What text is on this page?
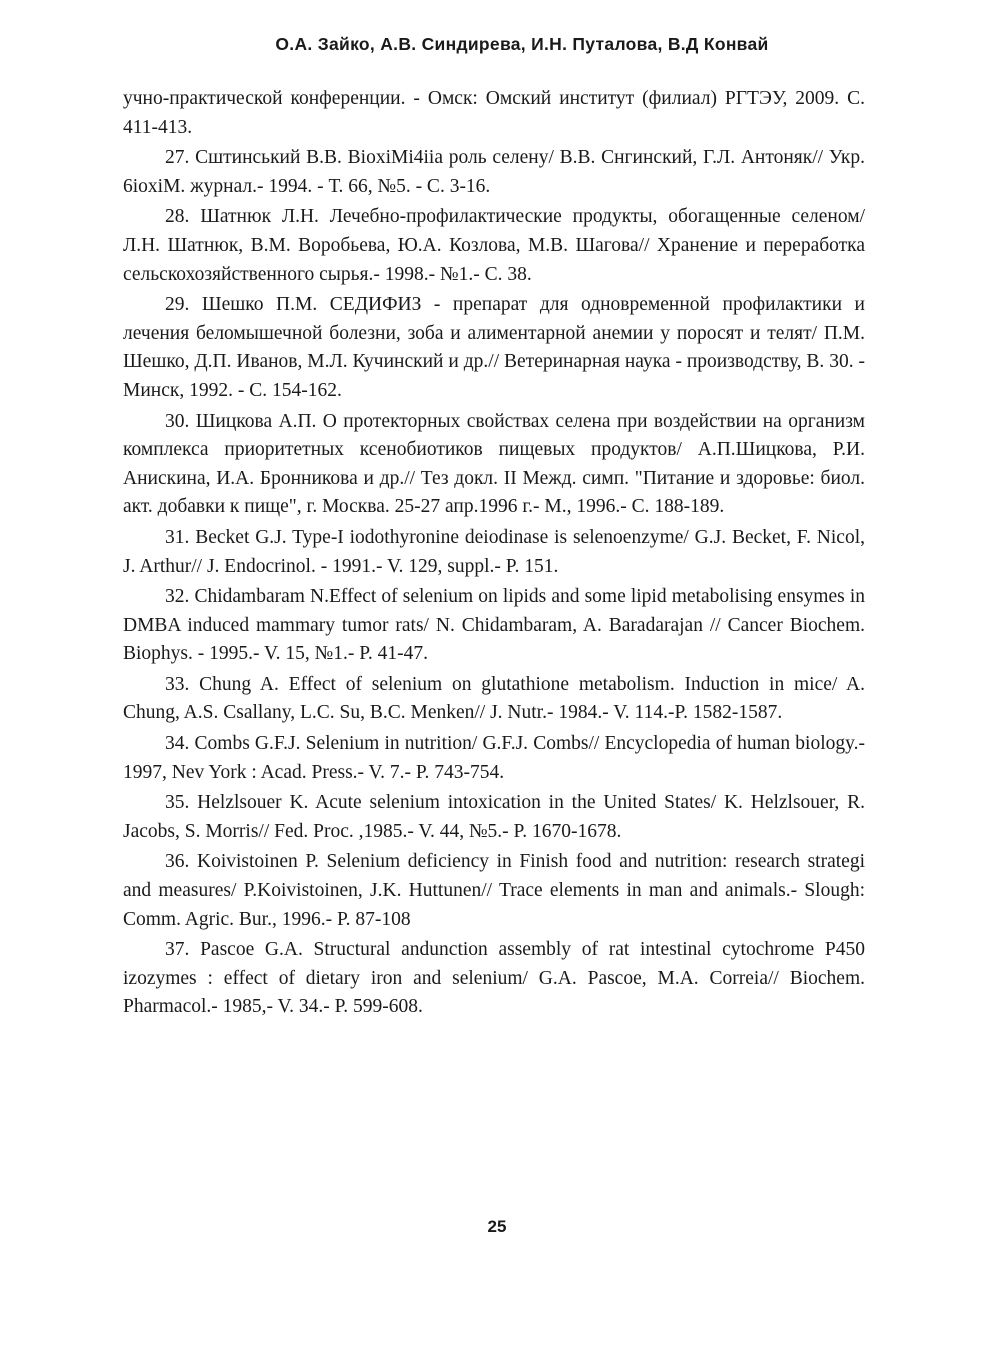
О.А. Зайко, А.В. Синдирева, И.Н. Путалова, В.Д Конвай

учно-практической конференции. - Омск: Омский институт (филиал) РГТЭУ, 2009. С. 411-413.

27. Сштинський В.В. BioxiMi4iia роль селену/ В.В. Снгинский, Г.Л. Антоняк// Укр. 6ioxiM. журнал.- 1994. - Т. 66, №5. - С. 3-16.

28. Шатнюк Л.Н. Лечебно-профилактические продукты, обогащенные селеном/ Л.Н. Шатнюк, В.М. Воробьева, Ю.А. Козлова, М.В. Шагова// Хранение и переработка сельскохозяйственного сырья.- 1998.- №1.- С. 38.

29. Шешко П.М. СЕДИФИЗ - препарат для одновременной профилактики и лечения беломышечной болезни, зоба и алиментарной анемии у поросят и телят/ П.М. Шешко, Д.П. Иванов, М.Л. Кучинский и др.// Ветеринарная наука - производству, В. 30. - Минск, 1992. - С. 154-162.

30. Шицкова А.П. О протекторных свойствах селена при воздействии на организм комплекса приоритетных ксенобиотиков пищевых продуктов/ А.П.Шицкова, Р.И. Анискина, И.А. Бронникова и др.// Тез докл. II Межд. симп. "Питание и здоровье: биол. акт. добавки к пище", г. Москва. 25-27 апр.1996 г.- М., 1996.- С. 188-189.

31. Becket G.J. Type-I iodothyronine deiodinase is selenoenzyme/ G.J. Becket, F. Nicol, J. Arthur// J. Endocrinol. - 1991.- V. 129, suppl.- P. 151.

32. Chidambaram N.Effect of selenium on lipids and some lipid metabolising ensymes in DMBA induced mammary tumor rats/ N. Chidambaram, A. Baradarajan // Cancer Biochem. Biophys. - 1995.- V. 15, №1.- P. 41-47.

33. Chung A. Effect of selenium on glutathione metabolism. Induction in mice/ A. Chung, A.S. Csallany, L.C. Su, B.C. Menken// J. Nutr.- 1984.- V. 114.-P. 1582-1587.

34. Combs G.F.J. Selenium in nutrition/ G.F.J. Combs// Encyclopedia of human biology.- 1997, Nev York : Acad. Press.- V. 7.- P. 743-754.

35. Helzlsouer K. Acute selenium intoxication in the United States/ K. Helzlsouer, R. Jacobs, S. Morris// Fed. Proc. ,1985.- V. 44, №5.- P. 1670-1678.

36. Koivistoinen P. Selenium deficiency in Finish food and nutrition: research strategi and measures/ P.Koivistoinen, J.K. Huttunen// Trace elements in man and animals.- Slough: Comm. Agric. Bur., 1996.- P. 87-108

37. Pascoe G.A. Structural andunction assembly of rat intestinal cytochrome P450 izozymes : effect of dietary iron and selenium/ G.A. Pascoe, M.A. Correia// Biochem. Pharmacol.- 1985,- V. 34.- P. 599-608.

25
